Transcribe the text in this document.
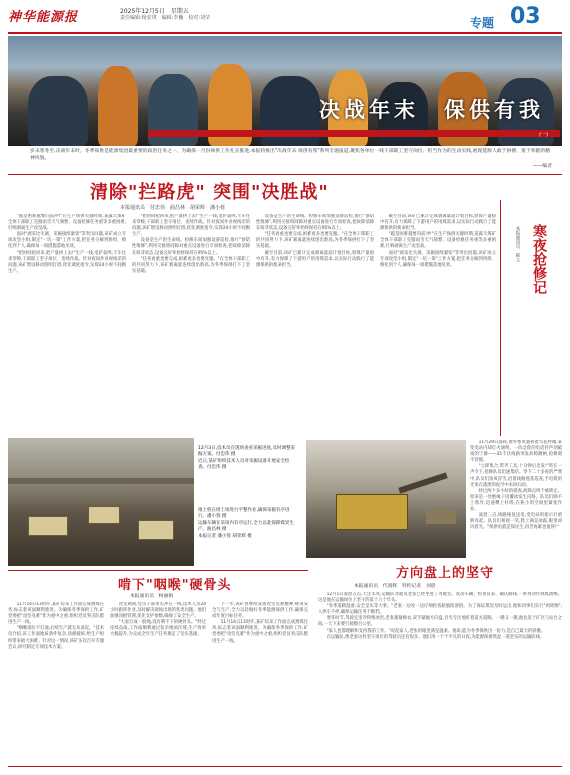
神华能源报	2025年12月5日　星期五
责任编辑:杨安琪　编辑:李巍　校对:刘莹	专题 03
决战年末　保供有我
(一)
岁末寒冬至,决战年末时。冬季保供是能源集团最重要的政治任务之一。为确保一月份保供工作扎实推进,本报特推出"决战年末 保供有我"系列专题报道,聚焦各单位一线干部职工坚守岗位、担当作为的生动实践,展现能源人敢于拼搏、勇于奉献的精神风貌。
——编者
清除"拦路虎" 突围"决胜战"
本报通讯员　付忠伟　曲昌林　胡荣辉　潘小蓉

"越是困难越要向前冲!"在生产保供关键时期,某露天煤矿全体干部职工克服雨雪天气频繁、设备检修任务重等多重困难,打响剥离生产攻坚战。

面对"剥采比失调、采掘接续紧张"等突出问题,该矿成立专项攻坚小组,制定"一坑一策"工作方案,把任务分解到班组、细化到个人,确保每一项措施落地见效。

"把时间抢回来,把产量拼上去!"生产一线,电铲轰鸣,卡车往来穿梭,干部职工坚守岗位、连续作战。针对夜间作业视线差的问题,该矿增设移动照明灯塔,优化调度指令,实现24小时不间断生产。

"把时间抢回来,把产量拼上去!"生产一线,电铲轰鸣,卡车往来穿梭,干部职工坚守岗位、连续作战。针对夜间作业视线差的问题,该矿增设移动照明灯塔,优化调度指令,实现24小时不间断生产。

设备是生产的生命线。检修车间加强设备巡检,推行"预防性维修",利用交接班间隙对重点设备进行专项检查,把故障消除在萌芽状态,设备完好率始终保持在95%以上。

"任务再重也要完成,困难再多也要克服。"在全体干部职工的共同努力下,该矿剥离量连续创出新高,为冬季保供打下了坚实基础。

设备是生产的生命线。检修车间加强设备巡检,推行"预防性维修",利用交接班间隙对重点设备进行专项检查,把故障消除在萌芽状态,设备完好率始终保持在95%以上。

"任务再重也要完成,困难再多也要克服。"在全体干部职工的共同努力下,该矿剥离量连续创出新高,为冬季保供打下了坚实基础。

截至目前,该矿已累计完成剥离量超计划目标,原煤产量稳中有升,有力保障了下游用户的用煤需求,以实际行动践行了能源保供的使命担当。

截至目前,该矿已累计完成剥离量超计划目标,原煤产量稳中有升,有力保障了下游用户的用煤需求,以实际行动践行了能源保供的使命担当。

"越是困难越要向前冲!"在生产保供关键时期,某露天煤矿全体干部职工克服雨雪天气频繁、设备检修任务重等多重困难,打响剥离生产攻坚战。

面对"剥采比失调、采掘接续紧张"等突出问题,该矿成立专项攻坚小组,制定"一坑一策"工作方案,把任务分解到班组、细化到个人,确保每一项措施落地见效。	寒夜抢修记
本报通讯员　韩立
12月3日,技术员在现场查看采掘进度,及时调整采掘方案。付忠伟 摄
近日,某矿组织技术人员对采掘设备开展安全检查。付忠伟 摄
推土机在排土场进行平整作业,确保采掘有序进行。潘小蓉 摄
运输车辆在采场内有序运行,全力以赴保障煤炭生产。曲昌林 摄
本报记者 潘小蓉 胡荣辉 摄
方向盘上的坚守
本报通讯员　代国辉　特约记者　刘晨

12月1日凌晨五点,天还未亮,运输队驾驶员老张已经坐进了驾驶室。发动车辆、检查仪表、确认路线,一系列动作熟练流畅。这是他在运输岗位上坚守的第十六个年头。

"冬季道路湿滑,安全是头等大事。"老张一边说一边仔细检查轮胎防滑链。为了保证煤炭及时运出,他和同事们实行"两班倒",人停车不停,确保运输任务不断档。

寒冬时节,驾驶室里冷得像冰窖,老张裹紧棉衣,双手紧握方向盘,目光专注地盯着前方道路。一趟又一趟,他往返于矿区与站台之间,一天下来要行驶数百公里。

"家人也都理解和支持我的工作。"说起家人,老张的眼里满是温柔。他说,能为冬季保供出一份力,是自己最大的骄傲。

在运输队,像老张这样坚守岗位的驾驶员还有很多。他们用一个个平凡的日夜,为能源保供筑起一道坚实的运输防线。

啃下"咽喉"硬骨头
本报通讯员　杨丽娟

11月14日13时许,某矿综采工作面完成割煤任务,标志着该面顺利推进。为确保冬季保供工作,矿党委把"攻坚克难"作为重中之重,组织党员突击队挺进生产一线。

"咽喉部位不打通,后续生产就无从谈起。"技术员介绍,该工作面地质条件复杂,顶板破碎,给生产组织带来极大困难。针对这一情况,该矿多次召开专题会议,研究制定专项技术方案。

攻坚期间,党员干部带头冲在一线,技术人员24小时跟班作业,及时解决现场出现的各类问题。他们加强顶板管理,优化支护参数,确保了安全生产。

"大家拧成一股绳,没有啃不下的硬骨头。"经过连续奋战,工作面顺利通过复杂地质区域,生产效率大幅提升,为完成全年生产任务奠定了坚实基础。

下一步,该矿将继续发扬攻坚克难精神,统筹安全与生产,全力以赴做好冬季能源保供工作,确保完成年度目标任务。

11月14日13时许,某矿综采工作面完成割煤任务,标志着该面顺利推进。为确保冬季保供工作,矿党委把"攻坚克难"作为重中之重,组织党员突击队挺进生产一线。

11月29日深夜,窗外寒风裹挟着雪花呼啸,某变电站内却灯火通明。一阵急促的电话铃声划破夜的宁静——35千伏线路突发故障跳闸,抢修刻不容缓。

"立即集合,带齐工具,十分钟后出发!"班长一声令下,抢修队员迅速集结。零下二十多度的严寒中,队员们顶风冒雪,沿着线路逐基巡查,手电筒的光束在漆黑的夜空中来回扫动。

经过两个多小时的排查,故障点终于被锁定。原来是一处绝缘子因覆冰发生闪络。队员们顾不上寒冷,迅速攀上杆塔,在狭小的空间里紧张作业。

凌晨三点,线路恢复送电,变电站的指示灯重新亮起。队员们相视一笑,脸上满是冰霜,眼里却闪着光。"保供电就是保民生,再苦再累也值得!"
